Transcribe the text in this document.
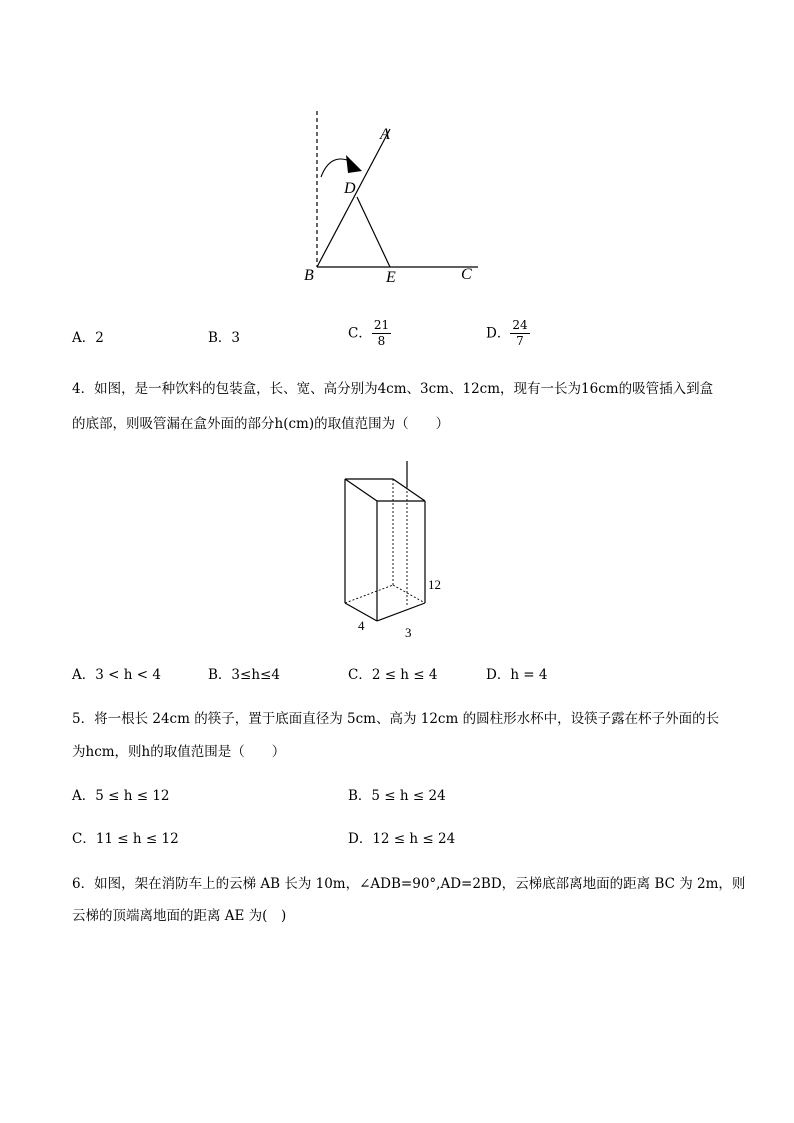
A
D
B	E	C
A．2	B．3	C． $\frac{21}{8}$	D． $\frac{24}{7}$
4．如图，是一种饮料的包装盒，长、宽、高分别为4cm、3cm、12cm，现有一长为16cm的吸管插入到盒
的底部，则吸管漏在盒外面的部分h(cm)的取值范围为（　　）
12
4	3
A．3 < h < 4	B．3≤h≤4	C．2 ≤ h ≤ 4	D．h = 4
5．将一根长 24cm 的筷子，置于底面直径为 5cm、高为 12cm 的圆柱形水杯中，设筷子露在杯子外面的长
为hcm，则h的取值范围是（　　）
A．5 ≤ h ≤ 12	B．5 ≤ h ≤ 24
C．11 ≤ h ≤ 12	D．12 ≤ h ≤ 24
6．如图，架在消防车上的云梯 AB 长为 10m，∠ADB=90°,AD=2BD，云梯底部离地面的距离 BC 为 2m，则
云梯的顶端离地面的距离 AE 为(　)
